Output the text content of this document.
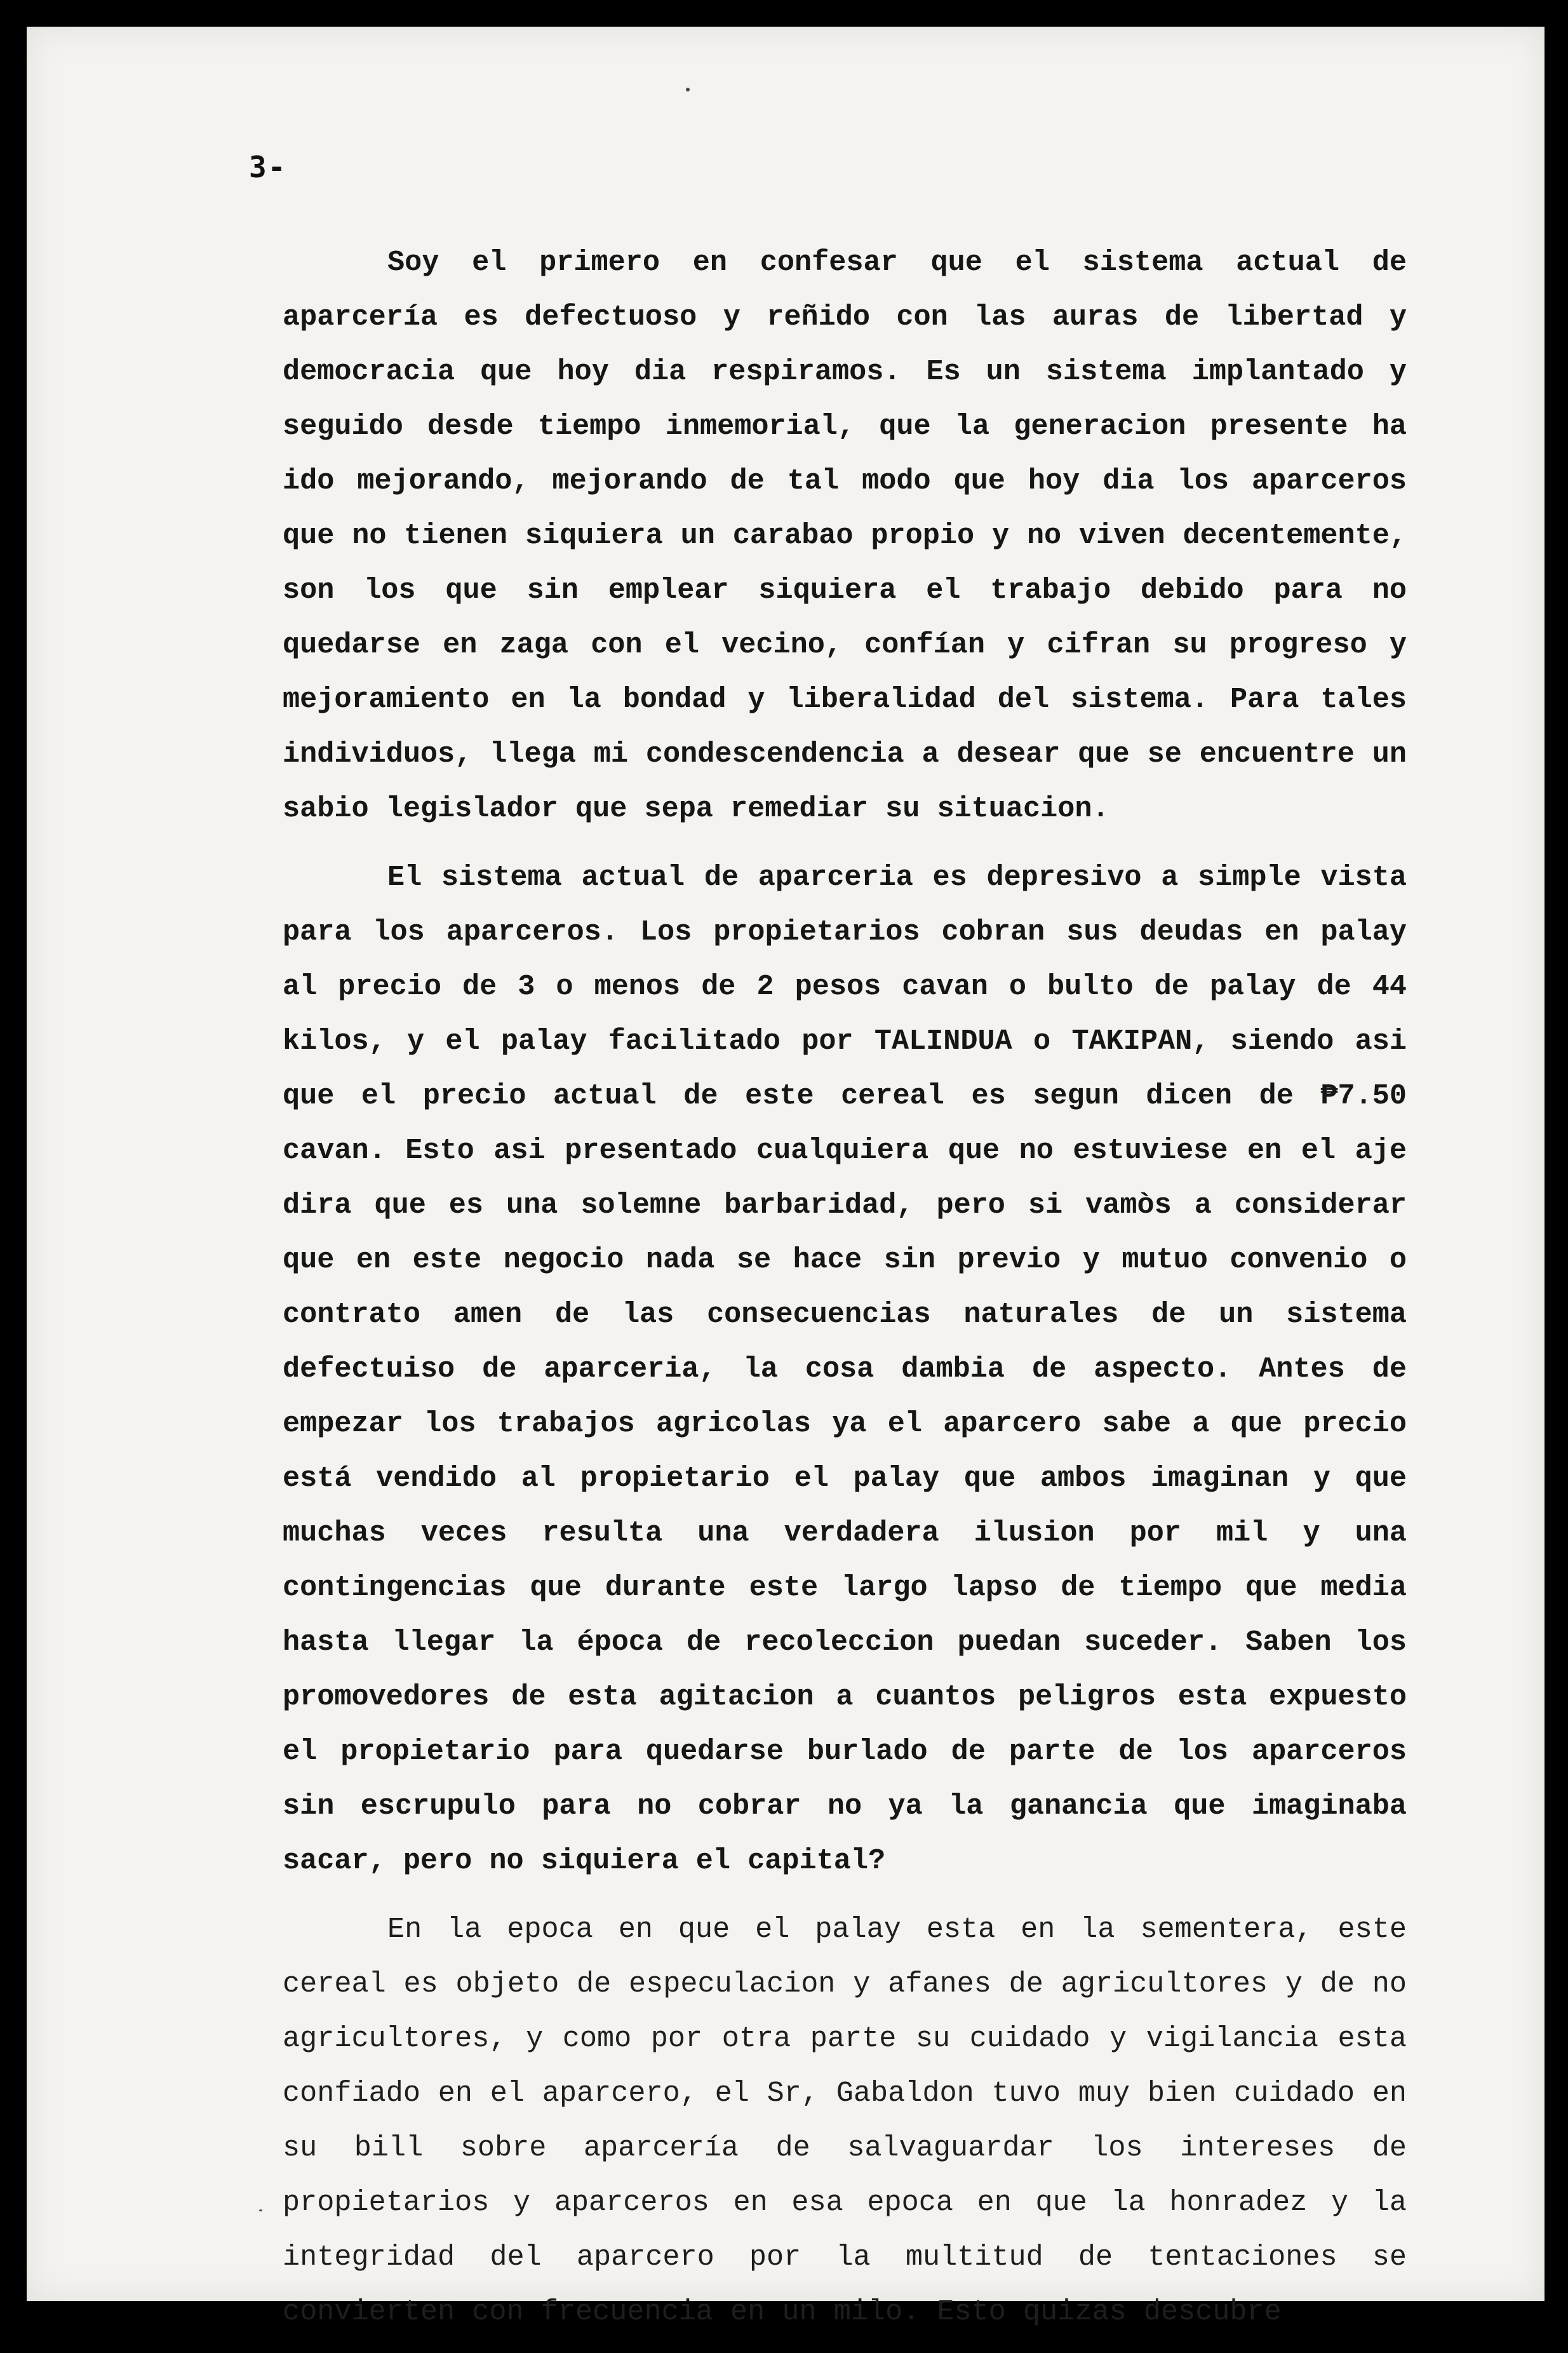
3-

Soy el primero en confesar que el sistema actual de aparcería es defectuoso y reñido con las auras de libertad y democracia que hoy dia respiramos. Es un sistema implantado y seguido desde tiempo inmemorial, que la generacion presente ha ido mejorando, mejorando de tal modo que hoy dia los aparceros que no tienen siquiera un carabao propio y no viven decentemente, son los que sin emplear siquiera el trabajo debido para no quedarse en zaga con el vecino, confían y cifran su progreso y mejoramiento en la bondad y liberalidad del sistema. Para tales individuos, llega mi condescendencia a desear que se encuentre un sabio legislador que sepa remediar su situacion.

El sistema actual de aparceria es depresivo a simple vista para los aparceros. Los propietarios cobran sus deudas en palay al precio de 3 o menos de 2 pesos cavan o bulto de palay de 44 kilos, y el palay facilitado por TALINDUA o TAKIPAN, siendo asi que el precio actual de este cereal es segun dicen de ₱7.50 cavan. Esto asi presentado cualquiera que no estuviese en el aje dira que es una solemne barbaridad, pero si vamòs a considerar que en este negocio nada se hace sin previo y mutuo convenio o contrato amen de las consecuencias naturales de un sistema defectuiso de aparceria, la cosa dambia de aspecto. Antes de empezar los trabajos agricolas ya el aparcero sabe a que precio está vendido al propietario el palay que ambos imaginan y que muchas veces resulta una verdadera ilusion por mil y una contingencias que durante este largo lapso de tiempo que media hasta llegar la época de recoleccion puedan suceder. Saben los promovedores de esta agitacion a cuantos peligros esta expuesto el propietario para quedarse burlado de parte de los aparceros sin escrupulo para no cobrar no ya la ganancia que imaginaba sacar, pero no siquiera el capital?

En la epoca en que el palay esta en la sementera, este cereal es objeto de especulacion y afanes de agricultores y de no agricultores, y como por otra parte su cuidado y vigilancia esta confiado en el aparcero, el Sr, Gabaldon tuvo muy bien cuidado en su bill sobre aparcería de salvaguardar los intereses de propietarios y aparceros en esa epoca en que la honradez y la integridad del aparcero por la multitud de tentaciones se convierten con frecuencia en un milo. Esto quizas descubre
